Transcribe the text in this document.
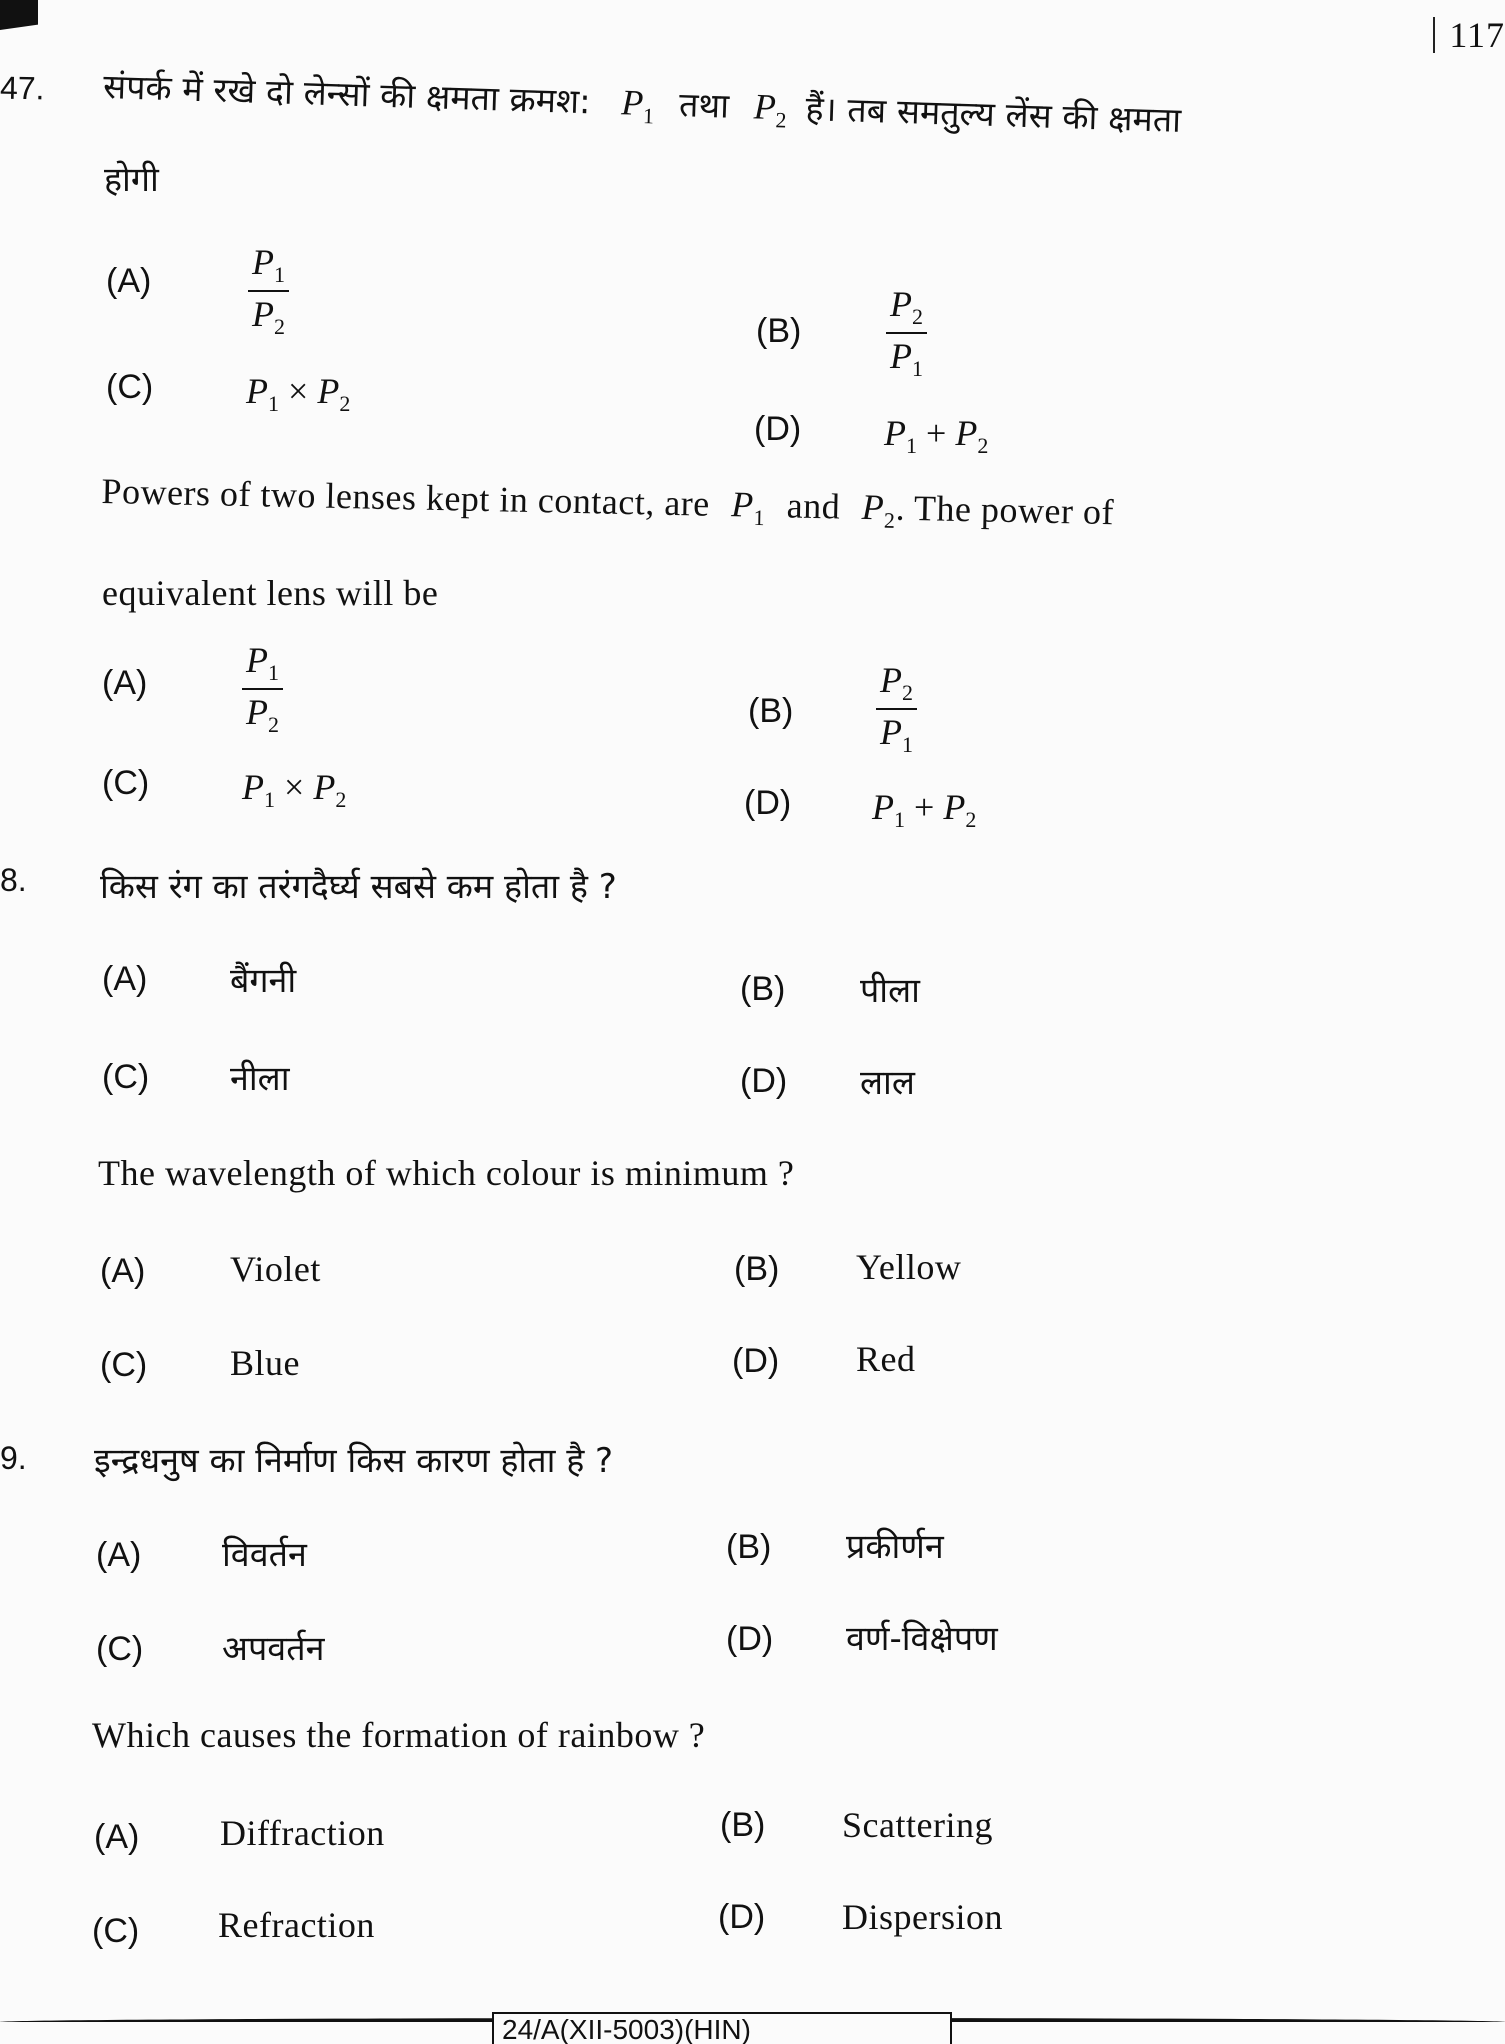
117
47. संपर्क में रखे दो लेन्सों की क्षमता क्रमश: $P_1$ तथा $P_2$ हैं। तब समतुल्य लेंस की क्षमता
होगी
(A)	$\frac{P_1}{P_2}$	$(B) \frac{P_2}{P_1}$
(C)	$P_1 \times P_2$
(D) $P_1 + P_2$
Powers of two lenses kept in contact, are $P_1$ and $P_2$. The power of
equivalent lens will be
(A)	$\frac{P_1}{P_2}$	$(B) \frac{P_2}{P_1}$
(C)	$P_1 \times P_2$	(D) $P_1 + P_2$
8. किस रंग का तरंगदैर्घ्य सबसे कम होता है ?
(A) बैंगनी	(B) पीला
(C) नीला	(D) लाल
The wavelength of which colour is minimum ?
(A) Violet	(B) Yellow
(C) Blue	(D) Red
9. इन्द्रधनुष का निर्माण किस कारण होता है ?
(A) विवर्तन	(B) प्रकीर्णन
(C) अपवर्तन	(D) वर्ण-विक्षेपण
Which causes the formation of rainbow ?
(A) Diffraction	(B) Scattering
(C) Refraction	(D) Dispersion
24/A(XII-5003)(HIN)
